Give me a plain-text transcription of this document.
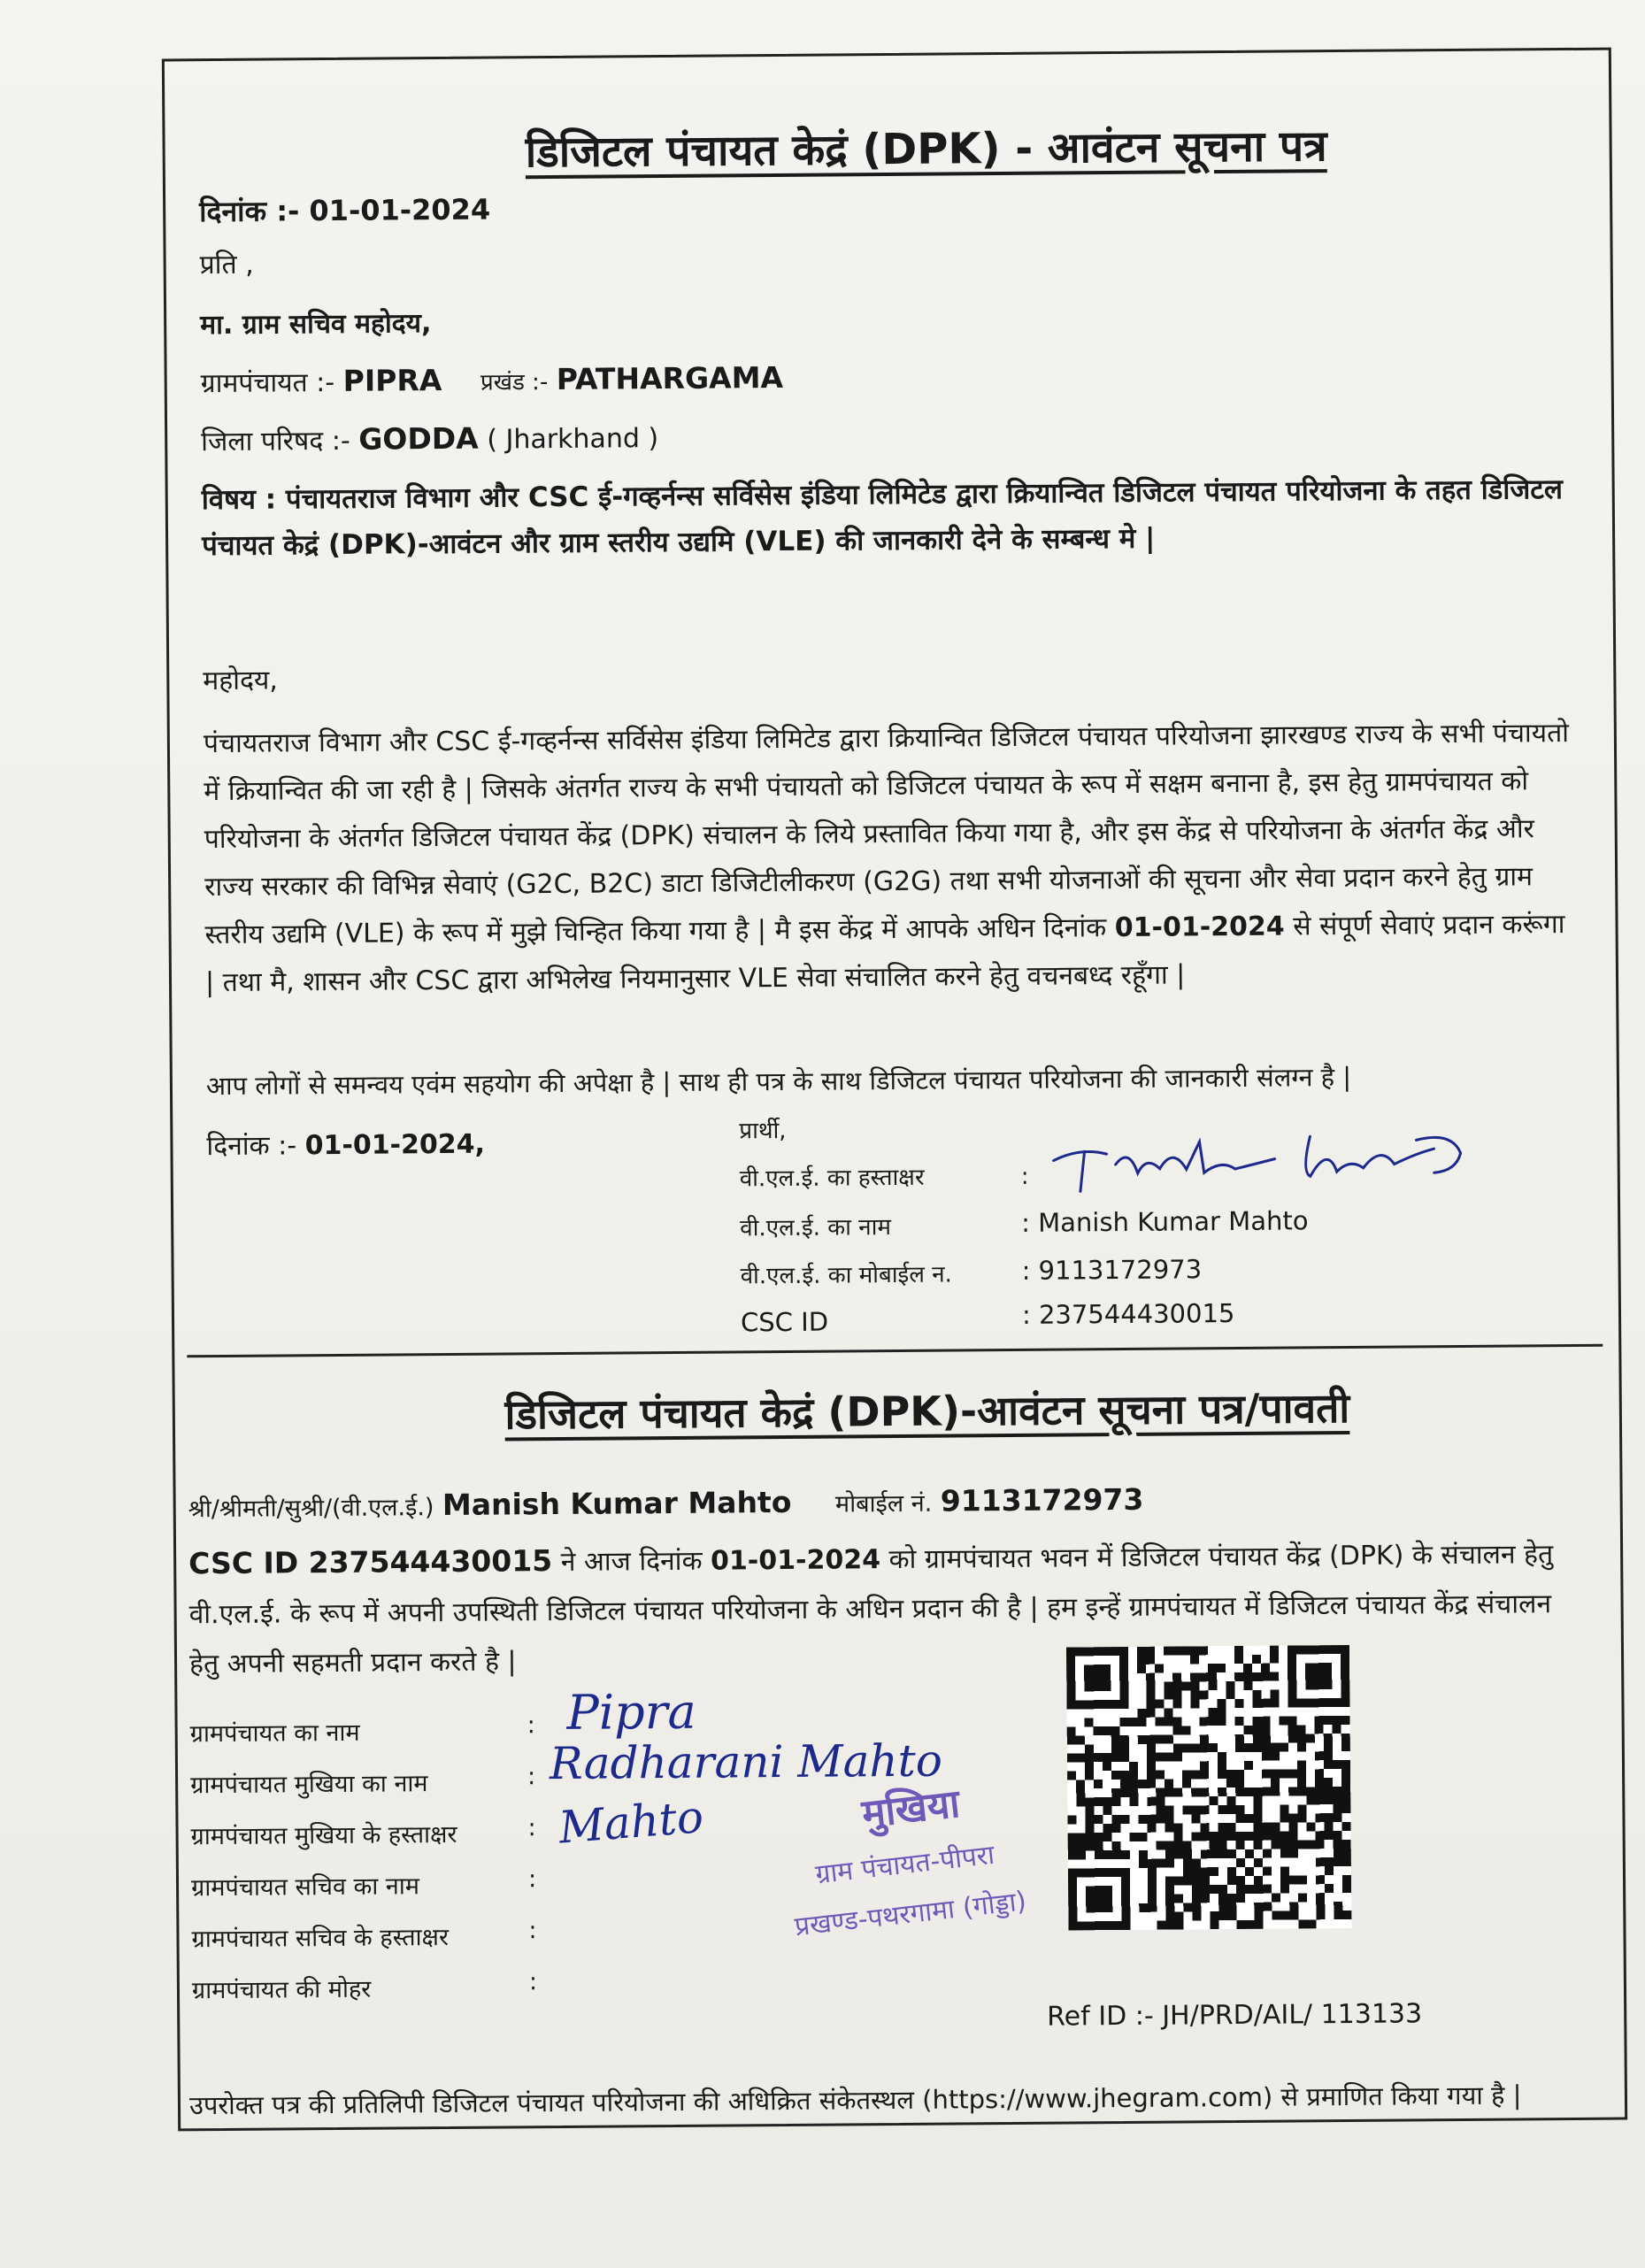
डिजिटल पंचायत केद्रं (DPK) - आवंटन सूचना पत्र
दिनांक :- 01-01-2024
प्रति ,
मा. ग्राम सचिव महोदय,
ग्रामपंचायत :- PIPRA प्रखंड :- PATHARGAMA
जिला परिषद :- GODDA ( Jharkhand )
विषय : पंचायतराज विभाग और CSC ई-गव्हर्नन्स सर्विसेस इंडिया लिमिटेड द्वारा क्रियान्वित डिजिटल पंचायत परियोजना के तहत डिजिटल पंचायत केद्रं (DPK)-आवंटन और ग्राम स्तरीय उद्यमि (VLE) की जानकारी देने के सम्बन्ध मे |
महोदय,
पंचायतराज विभाग और CSC ई-गव्हर्नन्स सर्विसेस इंडिया लिमिटेड द्वारा क्रियान्वित डिजिटल पंचायत परियोजना झारखण्ड राज्य के सभी पंचायतो में क्रियान्वित की जा रही है | जिसके अंतर्गत राज्य के सभी पंचायतो को डिजिटल पंचायत के रूप में सक्षम बनाना है, इस हेतु ग्रामपंचायत को परियोजना के अंतर्गत डिजिटल पंचायत केंद्र (DPK) संचालन के लिये प्रस्तावित किया गया है, और इस केंद्र से परियोजना के अंतर्गत केंद्र और राज्य सरकार की विभिन्न सेवाएं (G2C, B2C) डाटा डिजिटीलीकरण (G2G) तथा सभी योजनाओं की सूचना और सेवा प्रदान करने हेतु ग्राम स्तरीय उद्यमि (VLE) के रूप में मुझे चिन्हित किया गया है | मै इस केंद्र में आपके अधिन दिनांक 01-01-2024 से संपूर्ण सेवाएं प्रदान करूंगा | तथा मै, शासन और CSC द्वारा अभिलेख नियमानुसार VLE सेवा संचालित करने हेतु वचनबध्द रहूँगा |
आप लोगों से समन्वय एवंम सहयोग की अपेक्षा है | साथ ही पत्र के साथ डिजिटल पंचायत परियोजना की जानकारी संलग्न है |
दिनांक :- 01-01-2024,	प्रार्थी,
वी.एल.ई. का हस्ताक्षर	:
वी.एल.ई. का नाम	: Manish Kumar Mahto
वी.एल.ई. का मोबाईल न.	: 9113172973
CSC ID	: 237544430015
डिजिटल पंचायत केद्रं (DPK)-आवंटन सूचना पत्र/पावती
श्री/श्रीमती/सुश्री/(वी.एल.ई.) Manish Kumar Mahto मोबाईल नं. 9113172973
CSC ID 237544430015 ने आज दिनांक 01-01-2024 को ग्रामपंचायत भवन में डिजिटल पंचायत केंद्र (DPK) के संचालन हेतु वी.एल.ई. के रूप में अपनी उपस्थिती डिजिटल पंचायत परियोजना के अधिन प्रदान की है | हम इन्हें ग्रामपंचायत में डिजिटल पंचायत केंद्र संचालन हेतु अपनी सहमती प्रदान करते है |
ग्रामपंचायत का नाम	: Pipra
ग्रामपंचायत मुखिया का नाम	: Radharani Mahto
ग्रामपंचायत मुखिया के हस्ताक्षर	: Mahto
ग्रामपंचायत सचिव का नाम	:
ग्रामपंचायत सचिव के हस्ताक्षर	:
ग्रामपंचायत की मोहर	:
मुखिया
ग्राम पंचायत-पीपरा
प्रखण्ड-पथरगामा (गोड्डा)
Ref ID :- JH/PRD/AIL/ 113133
उपरोक्त पत्र की प्रतिलिपी डिजिटल पंचायत परियोजना की अधिक्रित संकेतस्थल (https://www.jhegram.com) से प्रमाणित किया गया है |
